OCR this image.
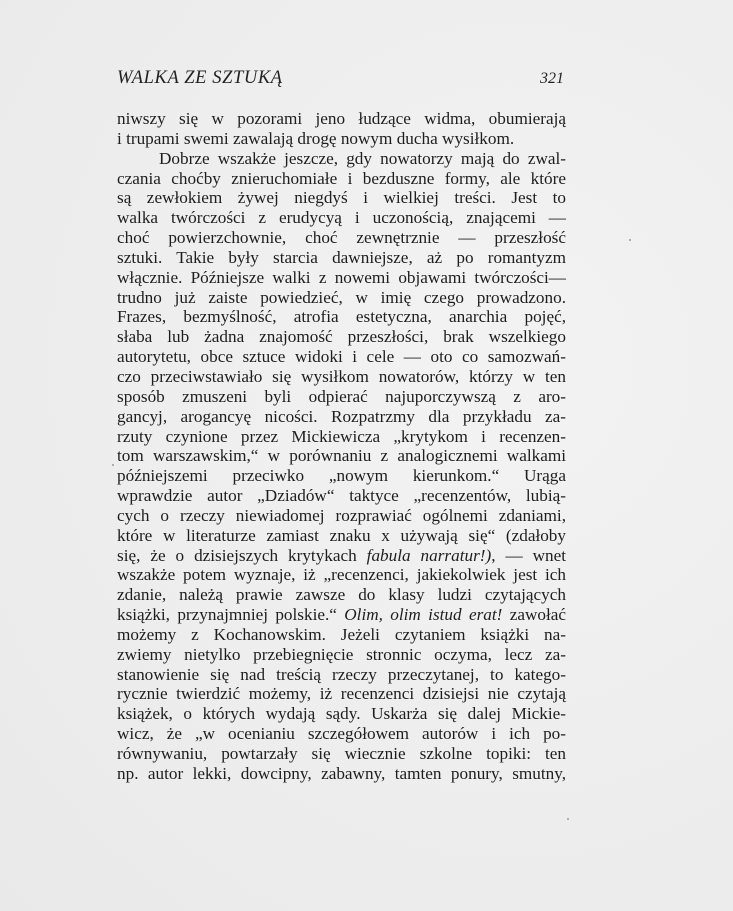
WALKA ZE SZTUKĄ	321
niwszy się w pozorami jeno łudzące widma, obumierają
i trupami swemi zawalają drogę nowym ducha wysiłkom.
Dobrze wszakże jeszcze, gdy nowatorzy mają do zwal-
czania choćby znieruchomiałe i bezduszne formy, ale które
są zewłokiem żywej niegdyś i wielkiej treści. Jest to
walka twórczości z erudycyą i uczonością, znającemi —
choć powierzchownie, choć zewnętrznie — przeszłość
sztuki. Takie były starcia dawniejsze, aż po romantyzm
włącznie. Późniejsze walki z nowemi objawami twórczości—
trudno już zaiste powiedzieć, w imię czego prowadzono.
Frazes, bezmyślność, atrofia estetyczna, anarchia pojęć,
słaba lub żadna znajomość przeszłości, brak wszelkiego
autorytetu, obce sztuce widoki i cele — oto co samozwań-
czo przeciwstawiało się wysiłkom nowatorów, którzy w ten
sposób zmuszeni byli odpierać najuporczywszą z aro-
gancyj, arogancyę nicości. Rozpatrzmy dla przykładu za-
rzuty czynione przez Mickiewicza „krytykom i recenzen-
tom warszawskim,“ w porównaniu z analogicznemi walkami
późniejszemi przeciwko „nowym kierunkom.“ Urąga
wprawdzie autor „Dziadów“ taktyce „recenzentów, lubią-
cych o rzeczy niewiadomej rozprawiać ogólnemi zdaniami,
które w literaturze zamiast znaku x używają się“ (zdałoby
się, że o dzisiejszych krytykach fabula narratur!), — wnet
wszakże potem wyznaje, iż „recenzenci, jakiekolwiek jest ich
zdanie, należą prawie zawsze do klasy ludzi czytających
książki, przynajmniej polskie.“ Olim, olim istud erat! zawołać
możemy z Kochanowskim. Jeżeli czytaniem książki na-
zwiemy nietylko przebiegnięcie stronnic oczyma, lecz za-
stanowienie się nad treścią rzeczy przeczytanej, to katego-
rycznie twierdzić możemy, iż recenzenci dzisiejsi nie czytają
książek, o których wydają sądy. Uskarża się dalej Mickie-
wicz, że „w ocenianiu szczegółowem autorów i ich po-
równywaniu, powtarzały się wiecznie szkolne topiki: ten
np. autor lekki, dowcipny, zabawny, tamten ponury, smutny,
